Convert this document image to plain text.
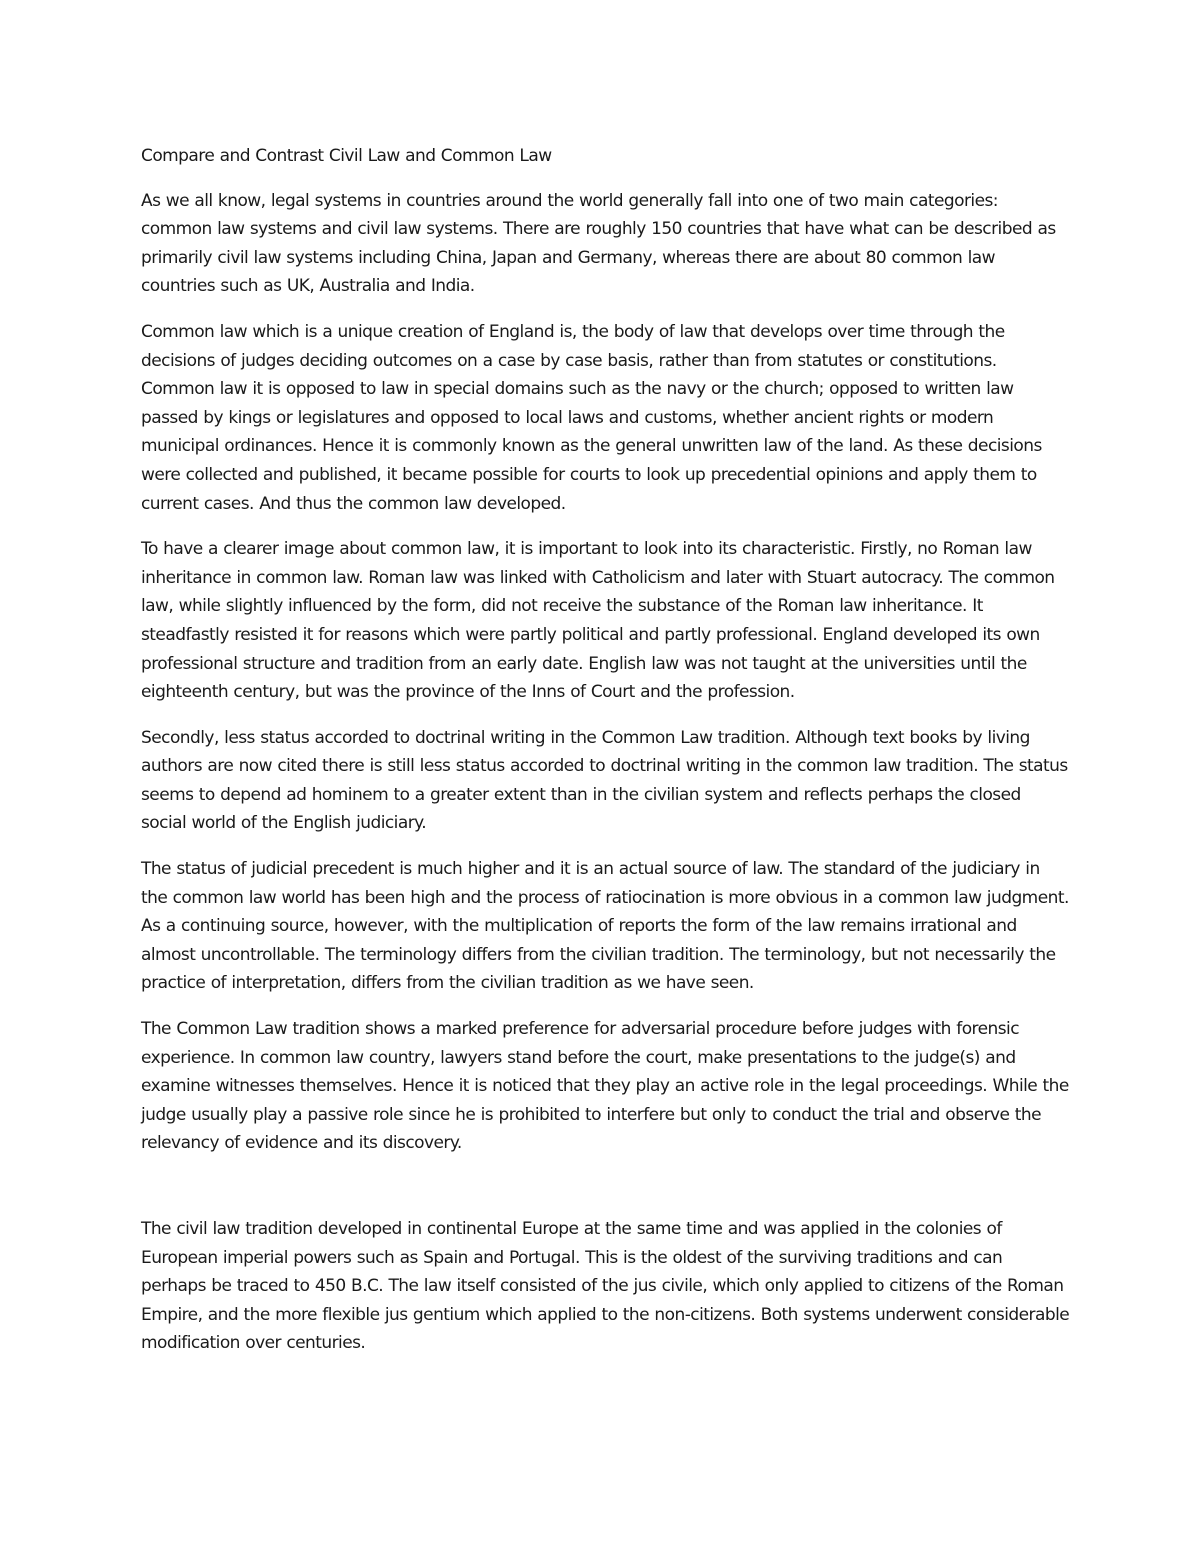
Compare and Contrast Civil Law and Common Law

As we all know, legal systems in countries around the world generally fall into one of two main categories: common law systems and civil law systems. There are roughly 150 countries that have what can be described as primarily civil law systems including China, Japan and Germany, whereas there are about 80 common law countries such as UK, Australia and India.

Common law which is a unique creation of England is, the body of law that develops over time through the decisions of judges deciding outcomes on a case by case basis, rather than from statutes or constitutions. Common law it is opposed to law in special domains such as the navy or the church; opposed to written law passed by kings or legislatures and opposed to local laws and customs, whether ancient rights or modern municipal ordinances. Hence it is commonly known as the general unwritten law of the land. As these decisions were collected and published, it became possible for courts to look up precedential opinions and apply them to current cases. And thus the common law developed.

To have a clearer image about common law, it is important to look into its characteristic. Firstly, no Roman law inheritance in common law. Roman law was linked with Catholicism and later with Stuart autocracy. The common law, while slightly influenced by the form, did not receive the substance of the Roman law inheritance. It steadfastly resisted it for reasons which were partly political and partly professional. England developed its own professional structure and tradition from an early date. English law was not taught at the universities until the eighteenth century, but was the province of the Inns of Court and the profession.

Secondly, less status accorded to doctrinal writing in the Common Law tradition. Although text books by living authors are now cited there is still less status accorded to doctrinal writing in the common law tradition. The status seems to depend ad hominem to a greater extent than in the civilian system and reflects perhaps the closed social world of the English judiciary.

The status of judicial precedent is much higher and it is an actual source of law. The standard of the judiciary in the common law world has been high and the process of ratiocination is more obvious in a common law judgment. As a continuing source, however, with the multiplication of reports the form of the law remains irrational and almost uncontrollable. The terminology differs from the civilian tradition. The terminology, but not necessarily the practice of interpretation, differs from the civilian tradition as we have seen.

The Common Law tradition shows a marked preference for adversarial procedure before judges with forensic experience. In common law country, lawyers stand before the court, make presentations to the judge(s) and examine witnesses themselves. Hence it is noticed that they play an active role in the legal proceedings. While the judge usually play a passive role since he is prohibited to interfere but only to conduct the trial and observe the relevancy of evidence and its discovery.

The civil law tradition developed in continental Europe at the same time and was applied in the colonies of European imperial powers such as Spain and Portugal. This is the oldest of the surviving traditions and can perhaps be traced to 450 B.C. The law itself consisted of the jus civile, which only applied to citizens of the Roman Empire, and the more flexible jus gentium which applied to the non-citizens. Both systems underwent considerable modification over centuries.
